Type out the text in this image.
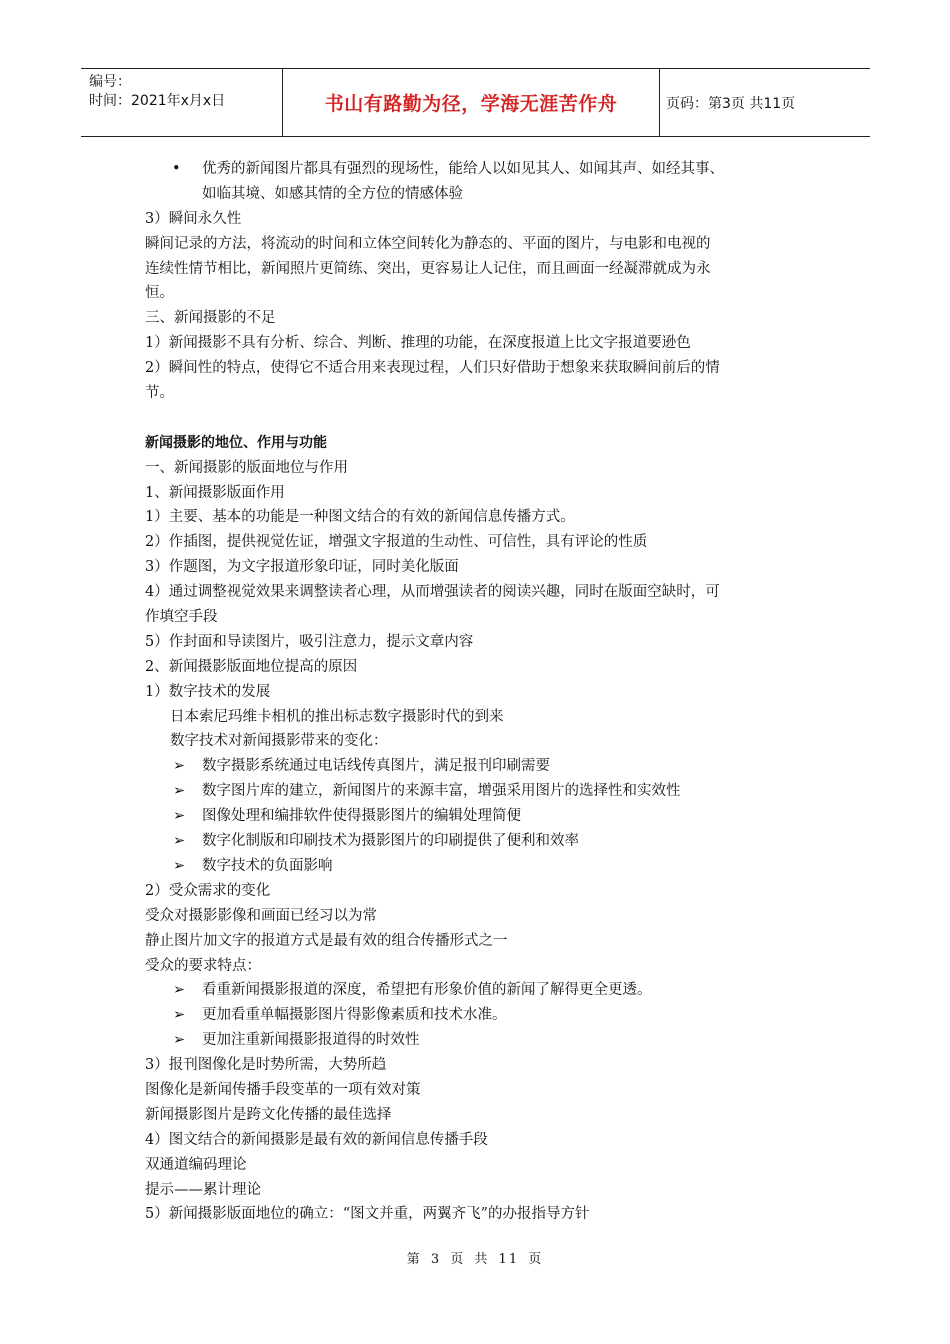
编号：
时间：2021年x月x日	书山有路勤为径，学海无涯苦作舟	页码：第3页 共11页
• 优秀的新闻图片都具有强烈的现场性，能给人以如见其人、如闻其声、如经其事、
如临其境、如感其情的全方位的情感体验
3）瞬间永久性
瞬间记录的方法，将流动的时间和立体空间转化为静态的、平面的图片，与电影和电视的
连续性情节相比，新闻照片更简练、突出，更容易让人记住，而且画面一经凝滞就成为永
恒。
三、新闻摄影的不足
1）新闻摄影不具有分析、综合、判断、推理的功能，在深度报道上比文字报道要逊色
2）瞬间性的特点，使得它不适合用来表现过程，人们只好借助于想象来获取瞬间前后的情
节。
新闻摄影的地位、作用与功能
一、新闻摄影的版面地位与作用
1、新闻摄影版面作用
1）主要、基本的功能是一种图文结合的有效的新闻信息传播方式。
2）作插图，提供视觉佐证，增强文字报道的生动性、可信性，具有评论的性质
3）作题图，为文字报道形象印证，同时美化版面
4）通过调整视觉效果来调整读者心理，从而增强读者的阅读兴趣，同时在版面空缺时，可
作填空手段
5）作封面和导读图片，吸引注意力，提示文章内容
2、新闻摄影版面地位提高的原因
1）数字技术的发展
日本索尼玛维卡相机的推出标志数字摄影时代的到来
数字技术对新闻摄影带来的变化：
➢ 数字摄影系统通过电话线传真图片，满足报刊印刷需要
➢ 数字图片库的建立，新闻图片的来源丰富，增强采用图片的选择性和实效性
➢ 图像处理和编排软件使得摄影图片的编辑处理简便
➢ 数字化制版和印刷技术为摄影图片的印刷提供了便利和效率
➢ 数字技术的负面影响
2）受众需求的变化
受众对摄影影像和画面已经习以为常
静止图片加文字的报道方式是最有效的组合传播形式之一
受众的要求特点：
➢ 看重新闻摄影报道的深度，希望把有形象价值的新闻了解得更全更透。
➢ 更加看重单幅摄影图片得影像素质和技术水准。
➢ 更加注重新闻摄影报道得的时效性
3）报刊图像化是时势所需，大势所趋
图像化是新闻传播手段变革的一项有效对策
新闻摄影图片是跨文化传播的最佳选择
4）图文结合的新闻摄影是最有效的新闻信息传播手段
双通道编码理论
提示——累计理论
5）新闻摄影版面地位的确立：“图文并重，两翼齐飞”的办报指导方针
第 3 页 共 11 页
